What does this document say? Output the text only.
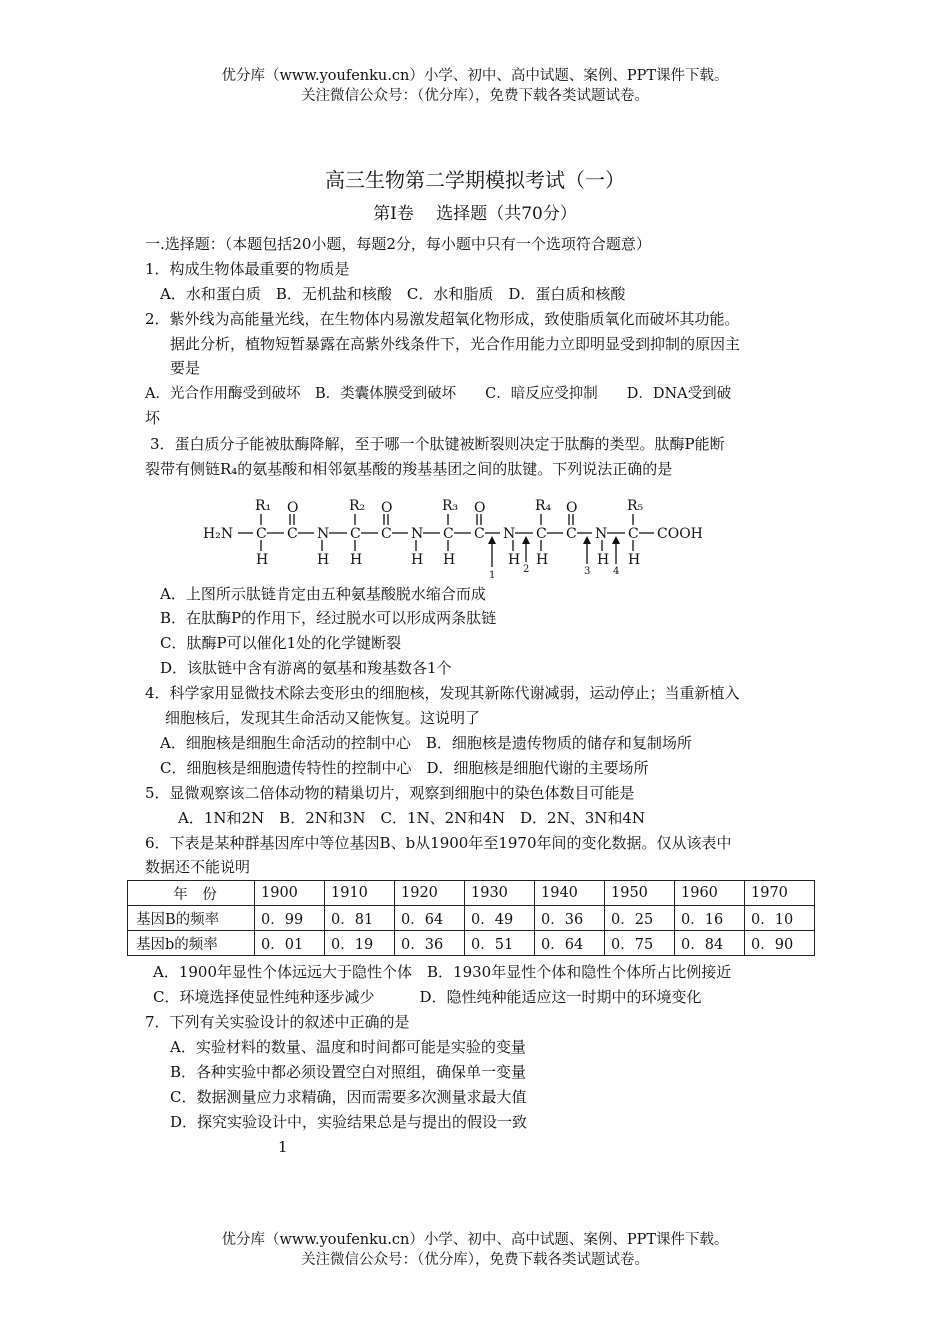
优分库（www.youfenku.cn）小学、初中、高中试题、案例、PPT课件下载。
关注微信公众号：（优分库），免费下载各类试题试卷。
高三生物第二学期模拟考试（一）
第Ⅰ卷　 选择题（共70分）
一.选择题：（本题包括20小题，每题2分，每小题中只有一个选项符合题意）
1．构成生物体最重要的物质是
A．水和蛋白质　B．无机盐和核酸　C．水和脂质　D．蛋白质和核酸
2．紫外线为高能量光线，在生物体内易激发超氧化物形成，致使脂质氧化而破坏其功能。
据此分析，植物短暂暴露在高紫外线条件下，光合作用能力立即明显受到抑制的原因主
要是
A．光合作用酶受到破坏　B．类囊体膜受到破坏　　C．暗反应受抑制　　D．DNA受到破
坏
3．蛋白质分子能被肽酶降解，至于哪一个肽键被断裂则决定于肽酶的类型。肽酶P能断
裂带有侧链R₄的氨基酸和相邻氨基酸的羧基基团之间的肽键。下列说法正确的是
H₂N
R₁
C
H
O
C N
H
R₂
C
H
O
C N
H
R₃
C
H
O
C N
H
R₄
C
H
O
C N
H
R₅
C
H
COOH
1
2	3 4
A．上图所示肽链肯定由五种氨基酸脱水缩合而成
B．在肽酶P的作用下，经过脱水可以形成两条肽链
C．肽酶P可以催化1处的化学键断裂
D．该肽链中含有游离的氨基和羧基数各1个
4．科学家用显微技术除去变形虫的细胞核，发现其新陈代谢减弱，运动停止；当重新植入
细胞核后，发现其生命活动又能恢复。这说明了
A．细胞核是细胞生命活动的控制中心　B．细胞核是遗传物质的储存和复制场所
C．细胞核是细胞遗传特性的控制中心　D．细胞核是细胞代谢的主要场所
5．显微观察该二倍体动物的精巢切片，观察到细胞中的染色体数目可能是
A．1N和2N　B．2N和3N　C．1N、2N和4N　D．2N、3N和4N
6．下表是某种群基因库中等位基因B、b从1900年至1970年间的变化数据。仅从该表中
数据还不能说明
年　份	1900	1910	1920	1930	1940	1950	1960	1970
基因B的频率	0．99	0．81	0．64	0．49	0．36	0．25	0．16	0．10
基因b的频率	0．01	0．19	0．36	0．51	0．64	0．75	0．84	0．90
A．1900年显性个体远远大于隐性个体　B．1930年显性个体和隐性个体所占比例接近
C．环境选择使显性纯种逐步减少　　　D．隐性纯种能适应这一时期中的环境变化
7．下列有关实验设计的叙述中正确的是
A．实验材料的数量、温度和时间都可能是实验的变量
B．各种实验中都必须设置空白对照组，确保单一变量
C．数据测量应力求精确，因而需要多次测量求最大值
D．探究实验设计中，实验结果总是与提出的假设一致
1
优分库（www.youfenku.cn）小学、初中、高中试题、案例、PPT课件下载。
关注微信公众号：（优分库），免费下载各类试题试卷。
